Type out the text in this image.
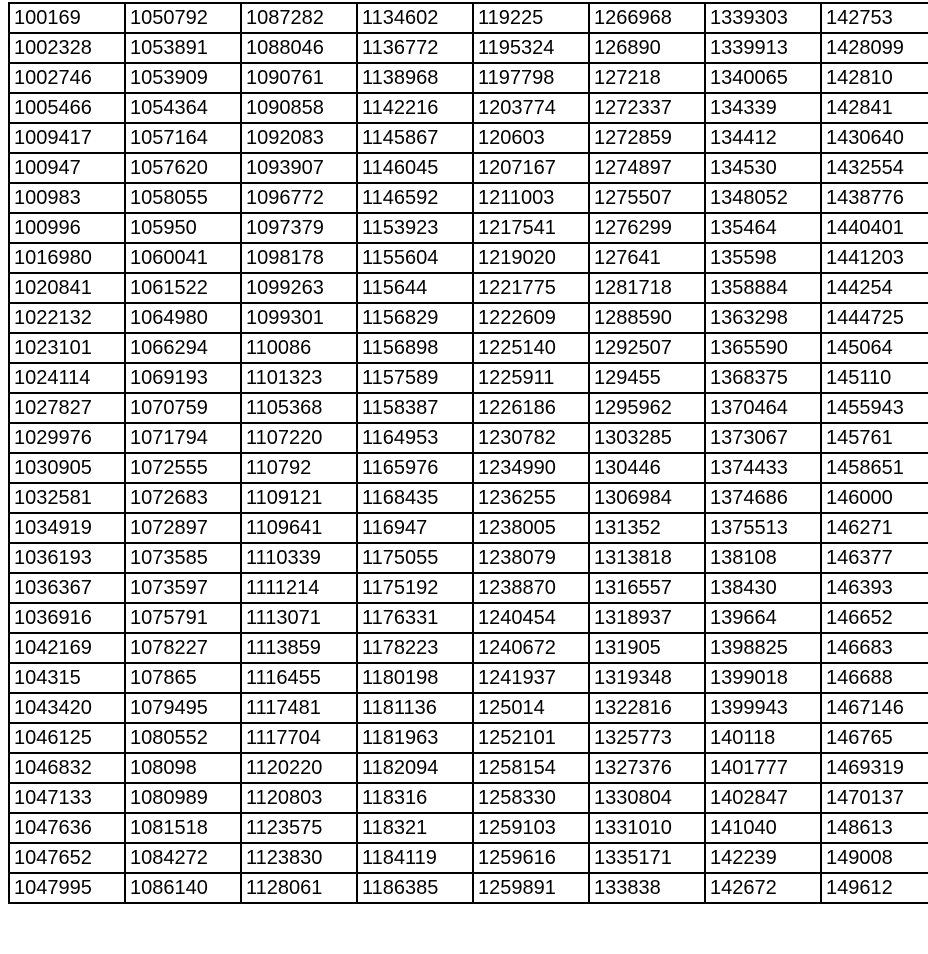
100169	1050792	1087282	1134602	119225	1266968	1339303	142753
1002328	1053891	1088046	1136772	1195324	126890	1339913	1428099
1002746	1053909	1090761	1138968	1197798	127218	1340065	142810
1005466	1054364	1090858	1142216	1203774	1272337	134339	142841
1009417	1057164	1092083	1145867	120603	1272859	134412	1430640
100947	1057620	1093907	1146045	1207167	1274897	134530	1432554
100983	1058055	1096772	1146592	1211003	1275507	1348052	1438776
100996	105950	1097379	1153923	1217541	1276299	135464	1440401
1016980	1060041	1098178	1155604	1219020	127641	135598	1441203
1020841	1061522	1099263	115644	1221775	1281718	1358884	144254
1022132	1064980	1099301	1156829	1222609	1288590	1363298	1444725
1023101	1066294	110086	1156898	1225140	1292507	1365590	145064
1024114	1069193	1101323	1157589	1225911	129455	1368375	145110
1027827	1070759	1105368	1158387	1226186	1295962	1370464	1455943
1029976	1071794	1107220	1164953	1230782	1303285	1373067	145761
1030905	1072555	110792	1165976	1234990	130446	1374433	1458651
1032581	1072683	1109121	1168435	1236255	1306984	1374686	146000
1034919	1072897	1109641	116947	1238005	131352	1375513	146271
1036193	1073585	1110339	1175055	1238079	1313818	138108	146377
1036367	1073597	1111214	1175192	1238870	1316557	138430	146393
1036916	1075791	1113071	1176331	1240454	1318937	139664	146652
1042169	1078227	1113859	1178223	1240672	131905	1398825	146683
104315	107865	1116455	1180198	1241937	1319348	1399018	146688
1043420	1079495	1117481	1181136	125014	1322816	1399943	1467146
1046125	1080552	1117704	1181963	1252101	1325773	140118	146765
1046832	108098	1120220	1182094	1258154	1327376	1401777	1469319
1047133	1080989	1120803	118316	1258330	1330804	1402847	1470137
1047636	1081518	1123575	118321	1259103	1331010	141040	148613
1047652	1084272	1123830	1184119	1259616	1335171	142239	149008
1047995	1086140	1128061	1186385	1259891	133838	142672	149612
